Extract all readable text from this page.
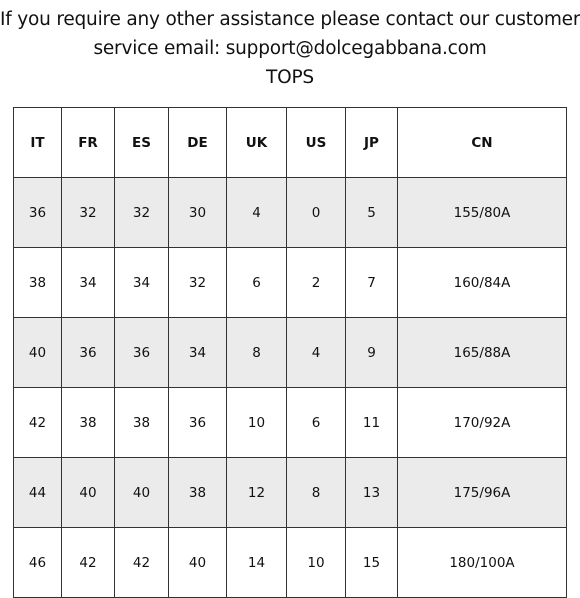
If you require any other assistance please contact our customer
service email: support@dolcegabbana.com
TOPS
IT	FR	ES	DE	UK	US	JP	CN
36	32	32	30	4	0	5	155/80A
38	34	34	32	6	2	7	160/84A
40	36	36	34	8	4	9	165/88A
42	38	38	36	10	6	11	170/92A
44	40	40	38	12	8	13	175/96A
46	42	42	40	14	10	15	180/100A
